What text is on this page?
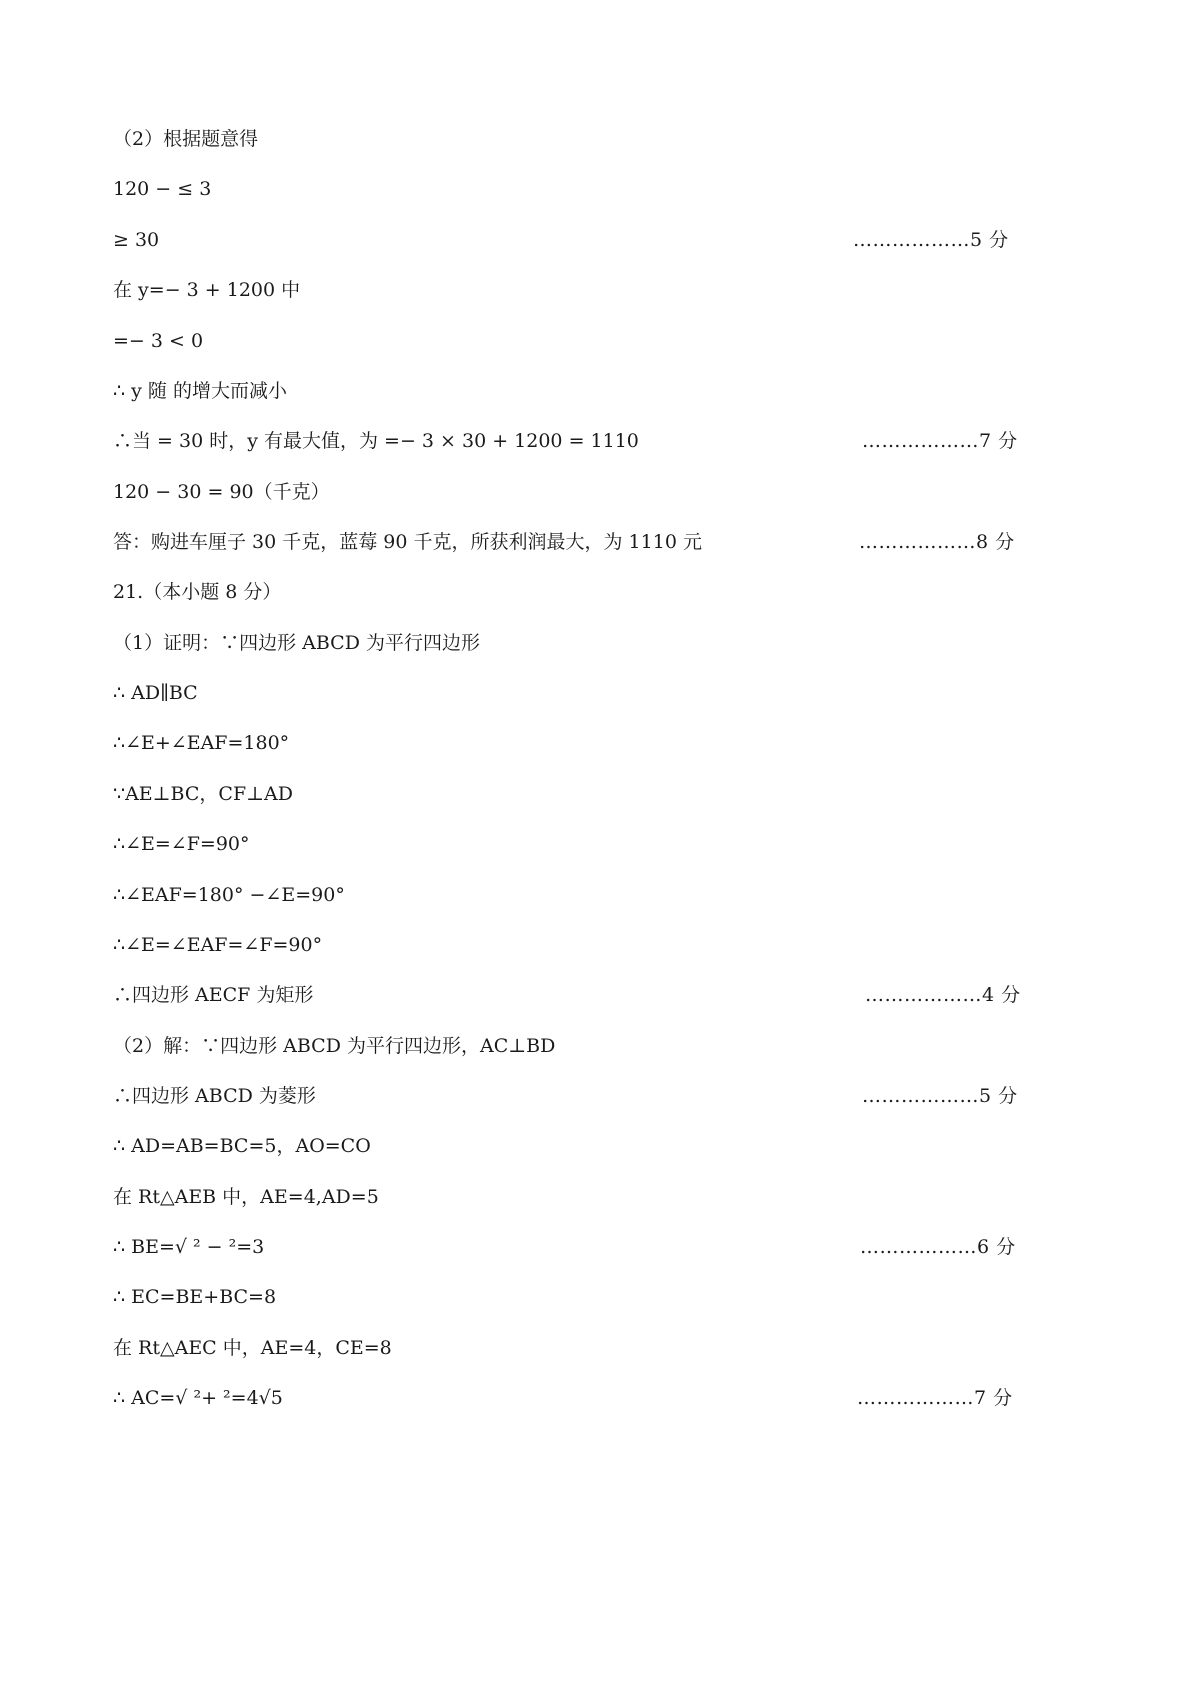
（2）根据题意得
120 − ≤ 3
≥ 30	………………5 分
在 y=− 3 + 1200 中
=− 3 < 0
∴ y 随 的增大而减小
∴当 = 30 时，y 有最大值，为 =− 3 × 30 + 1200 = 1110	………………7 分
120 − 30 = 90（千克）
答：购进车厘子 30 千克，蓝莓 90 千克，所获利润最大，为 1110 元	………………8 分
21.（本小题 8 分）
（1）证明：∵四边形 ABCD 为平行四边形
∴ AD∥BC
∴∠E+∠EAF=180°
∵AE⊥BC，CF⊥AD
∴∠E=∠F=90°
∴∠EAF=180° −∠E=90°
∴∠E=∠EAF=∠F=90°
∴四边形 AECF 为矩形	………………4 分
（2）解：∵四边形 ABCD 为平行四边形，AC⊥BD
∴四边形 ABCD 为菱形	………………5 分
∴ AD=AB=BC=5，AO=CO
在 Rt△AEB 中，AE=4,AD=5
∴ BE=√ ² − ²=3	………………6 分
∴ EC=BE+BC=8
在 Rt△AEC 中，AE=4，CE=8
∴ AC=√ ²+ ²=4√5	………………7 分
